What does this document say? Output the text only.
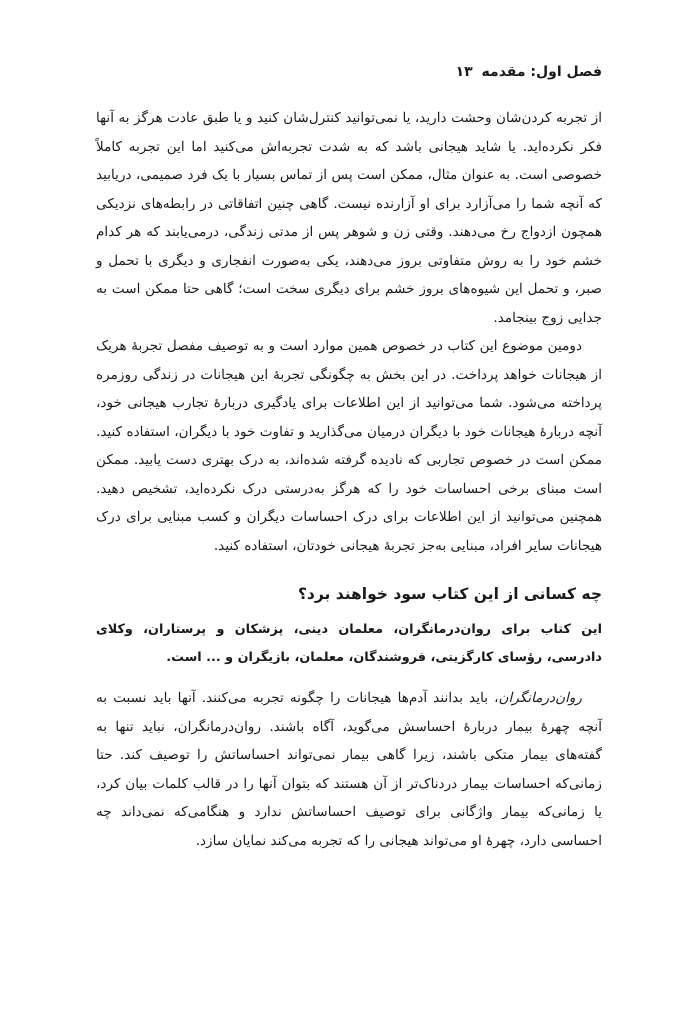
فصل اول: مقدمه ۱۳

از تجربه کردن‌شان وحشت دارید، یا نمی‌توانید کنترل‌شان کنید و یا طبق عادت هرگز به آنها فکر نکرده‌اید. یا شاید هیجانی باشد که به شدت تجربه‌اش می‌کنید اما این تجربه کاملاً خصوصی است. به عنوان مثال، ممکن است پس از تماس بسیار با یک فرد صمیمی، دریابید که آنچه شما را می‌آزارد برای او آزارنده نیست. گاهی چنین اتفاقاتی در رابطه‌های نزدیکی همچون ازدواج رخ می‌دهند. وقتی زن و شوهر پس از مدتی زندگی، درمی‌یابند که هر کدام خشم خود را به روش متفاوتی بروز می‌دهند، یکی به‌صورت انفجاری و دیگری با تحمل و صبر، و تحمل این شیوه‌های بروز خشم برای دیگری سخت است؛ گاهی حتا ممکن است به جدایی زوج بینجامد.

دومین موضوع این کتاب در خصوص همین موارد است و به توصیف مفصل تجربهٔ هریک از هیجانات خواهد پرداخت. در این بخش به چگونگی تجربهٔ این هیجانات در زندگی روزمره پرداخته می‌شود. شما می‌توانید از این اطلاعات برای یادگیری دربارهٔ تجارب هیجانی خود، آنچه دربارهٔ هیجانات خود با دیگران درمیان می‌گذارید و تفاوت خود با دیگران، استفاده کنید. ممکن است در خصوص تجاربی که نادیده گرفته شده‌اند، به درک بهتری دست یابید. ممکن است مبنای برخی احساسات خود را که هرگز به‌درستی درک نکرده‌اید، تشخیص دهید. همچنین می‌توانید از این اطلاعات برای درک احساسات دیگران و کسب مبنایی برای درک هیجانات سایر افراد، مبنایی به‌جز تجربهٔ هیجانی خودتان، استفاده کنید.

چه کسانی از این کتاب سود خواهند برد؟

این کتاب برای روان‌درمانگران، معلمان دینی، پزشکان و پرستاران، وکلای دادرسی، رؤسای کارگزینی، فروشندگان، معلمان، بازیگران و ... است.

روان‌درمانگران، باید بدانند آدم‌ها هیجانات را چگونه تجربه می‌کنند. آنها باید نسبت به آنچه چهرهٔ بیمار دربارهٔ احساسش می‌گوید، آگاه باشند. روان‌درمانگران، نباید تنها به گفته‌های بیمار متکی باشند، زیرا گاهی بیمار نمی‌تواند احساساتش را توصیف کند. حتا زمانی‌که احساسات بیمار دردناک‌تر از آن هستند که بتوان آنها را در قالب کلمات بیان کرد، یا زمانی‌که بیمار واژگانی برای توصیف احساساتش ندارد و هنگامی‌که نمی‌داند چه احساسی دارد، چهرهٔ او می‌تواند هیجانی را که تجربه می‌کند نمایان سازد.
